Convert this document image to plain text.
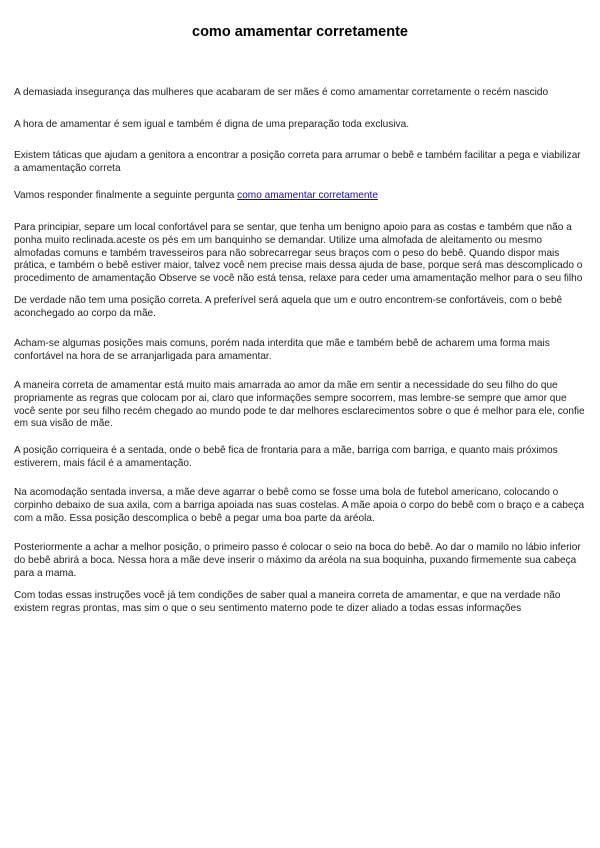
como amamentar corretamente

A demasiada insegurança das mulheres que acabaram de ser mães é como amamentar corretamente o recém nascido

A hora de amamentar é sem igual e também é digna de uma preparação toda exclusiva.

Existem táticas que ajudam a genitora a encontrar a posição correta para arrumar o bebê e também facilitar a pega e viabilizar a amamentação correta

Vamos responder finalmente a seguinte pergunta como amamentar corretamente

Para principiar, separe um local confortável para se sentar, que tenha um benigno apoio para as costas e também que não a ponha muito reclinada.aceste os pés em um banquinho se demandar. Utilize uma almofada de aleitamento ou mesmo almofadas comuns e também travesseiros para não sobrecarregar seus braços com o peso do bebê. Quando dispor mais prática, e também o bebê estiver maior, talvez você nem precise mais dessa ajuda de base, porque será mas descomplicado o procedimento de amamentação Observe se você não está tensa, relaxe para ceder uma amamentação melhor para o seu filho

De verdade não tem uma posição correta. A preferível será aquela que um e outro encontrem-se confortáveis, com o bebê aconchegado ao corpo da mãe.

Acham-se algumas posições mais comuns, porém nada interdita que mãe e também bebê de acharem uma forma mais confortável na hora de se arranjarligada para amamentar.

A maneira correta de amamentar está muito mais amarrada ao amor da mãe em sentir a necessidade do seu filho do que propriamente as regras que colocam por ai, claro que informações sempre socorrem, mas lembre-se sempre que amor que você sente por seu filho recém chegado ao mundo pode te dar melhores esclarecimentos sobre o que é melhor para ele, confie em sua visão de mãe.

A posição corriqueira é a sentada, onde o bebê fica de frontaria para a mãe, barriga com barriga, e quanto mais próximos estiverem, mais fácil é a amamentação.

Na acomodação sentada inversa, a mãe deve agarrar o bebê como se fosse uma bola de futebol americano, colocando o corpinho debaixo de sua axila, com a barriga apoiada nas suas costelas. A mãe apoia o corpo do bebê com o braço e a cabeça com a mão. Essa posição descomplica o bebê a pegar uma boa parte da aréola.

Posteriormente a achar a melhor posição, o primeiro passo é colocar o seio na boca do bebê. Ao dar o mamilo no lábio inferior do bebê abrirá a boca. Nessa hora a mãe deve inserir o máximo da aréola na sua boquinha, puxando firmemente sua cabeça para a mama.

Com todas essas instruções você já tem condições de saber qual a maneira correta de amamentar, e que na verdade não existem regras prontas, mas sim o que o seu sentimento materno pode te dizer aliado a todas essas informações
